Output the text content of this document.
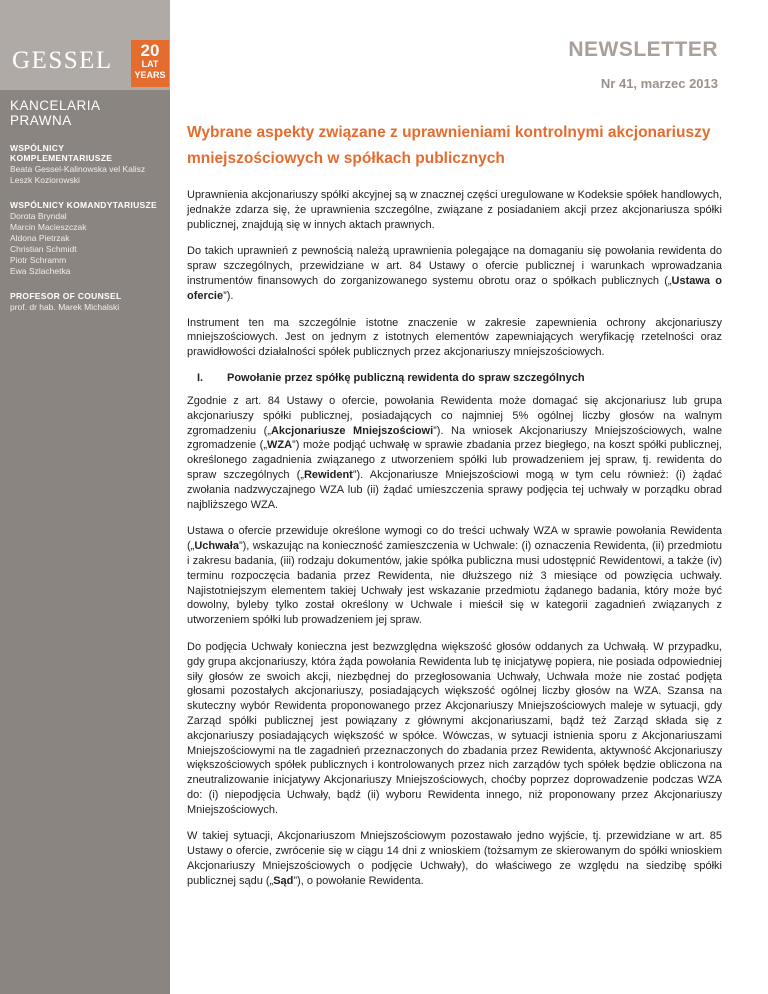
GESSEL	20
LAT
YEARS
KANCELARIA PRAWNA
WSPÓLNICY KOMPLEMENTARIUSZE
Beata Gessel-Kalinowska vel Kalisz
Leszk Koziorowski
WSPÓLNICY KOMANDYTARIUSZE
Dorota Bryndal
Marcin Macieszczak
Aldona Pietrzak
Christian Schmidt
Piotr Schramm
Ewa Szlachetka
PROFESOR OF COUNSEL
prof. dr hab. Marek Michalski
NEWSLETTER
Nr 41, marzec 2013
Wybrane aspekty związane z uprawnieniami kontrolnymi akcjonariuszy mniejszościowych w spółkach publicznych

Uprawnienia akcjonariuszy spółki akcyjnej są w znacznej części uregulowane w Kodeksie spółek handlowych, jednakże zdarza się, że uprawnienia szczególne, związane z posiadaniem akcji przez akcjonariusza spółki publicznej, znajdują się w innych aktach prawnych.

Do takich uprawnień z pewnością należą uprawnienia polegające na domaganiu się powołania rewidenta do spraw szczególnych, przewidziane w art. 84 Ustawy o ofercie publicznej i warunkach wprowadzania instrumentów finansowych do zorganizowanego systemu obrotu oraz o spółkach publicznych („Ustawa o ofercie”).

Instrument ten ma szczególnie istotne znaczenie w zakresie zapewnienia ochrony akcjonariuszy mniejszościowych. Jest on jednym z istotnych elementów zapewniających weryfikację rzetelności oraz prawidłowości działalności spółek publicznych przez akcjonariuszy mniejszościowych.

I.	Powołanie przez spółkę publiczną rewidenta do spraw szczególnych

Zgodnie z art. 84 Ustawy o ofercie, powołania Rewidenta może domagać się akcjonariusz lub grupa akcjonariuszy spółki publicznej, posiadających co najmniej 5% ogólnej liczby głosów na walnym zgromadzeniu („Akcjonariusze Mniejszościowi”). Na wniosek Akcjonariuszy Mniejszościowych, walne zgromadzenie („WZA”) może podjąć uchwałę w sprawie zbadania przez biegłego, na koszt spółki publicznej, określonego zagadnienia związanego z utworzeniem spółki lub prowadzeniem jej spraw, tj. rewidenta do spraw szczególnych („Rewident”). Akcjonariusze Mniejszościowi mogą w tym celu również: (i) żądać zwołania nadzwyczajnego WZA lub (ii) żądać umieszczenia sprawy podjęcia tej uchwały w porządku obrad najbliższego WZA.

Ustawa o ofercie przewiduje określone wymogi co do treści uchwały WZA w sprawie powołania Rewidenta („Uchwała”), wskazując na konieczność zamieszczenia w Uchwale: (i) oznaczenia Rewidenta, (ii) przedmiotu i zakresu badania, (iii) rodzaju dokumentów, jakie spółka publiczna musi udostępnić Rewidentowi, a także (iv) terminu rozpoczęcia badania przez Rewidenta, nie dłuższego niż 3 miesiące od powzięcia uchwały. Najistotniejszym elementem takiej Uchwały jest wskazanie przedmiotu żądanego badania, który może być dowolny, byleby tylko został określony w Uchwale i mieścił się w kategorii zagadnień związanych z utworzeniem spółki lub prowadzeniem jej spraw.

Do podjęcia Uchwały konieczna jest bezwzględna większość głosów oddanych za Uchwałą. W przypadku, gdy grupa akcjonariuszy, która żąda powołania Rewidenta lub tę inicjatywę popiera, nie posiada odpowiedniej siły głosów ze swoich akcji, niezbędnej do przegłosowania Uchwały, Uchwała może nie zostać podjęta głosami pozostałych akcjonariuszy, posiadających większość ogólnej liczby głosów na WZA. Szansa na skuteczny wybór Rewidenta proponowanego przez Akcjonariuszy Mniejszościowych maleje w sytuacji, gdy Zarząd spółki publicznej jest powiązany z głównymi akcjonariuszami, bądź też Zarząd składa się z akcjonariuszy posiadających większość w spółce. Wówczas, w sytuacji istnienia sporu z Akcjonariuszami Mniejszościowymi na tle zagadnień przeznaczonych do zbadania przez Rewidenta, aktywność Akcjonariuszy większościowych spółek publicznych i kontrolowanych przez nich zarządów tych spółek będzie obliczona na zneutralizowanie inicjatywy Akcjonariuszy Mniejszościowych, choćby poprzez doprowadzenie podczas WZA do: (i) niepodjęcia Uchwały, bądź (ii) wyboru Rewidenta innego, niż proponowany przez Akcjonariuszy Mniejszościowych.

W takiej sytuacji, Akcjonariuszom Mniejszościowym pozostawało jedno wyjście, tj. przewidziane w art. 85 Ustawy o ofercie, zwrócenie się w ciągu 14 dni z wnioskiem (tożsamym ze skierowanym do spółki wnioskiem Akcjonariuszy Mniejszościowych o podjęcie Uchwały), do właściwego ze względu na siedzibę spółki publicznej sądu („Sąd”), o powołanie Rewidenta.
